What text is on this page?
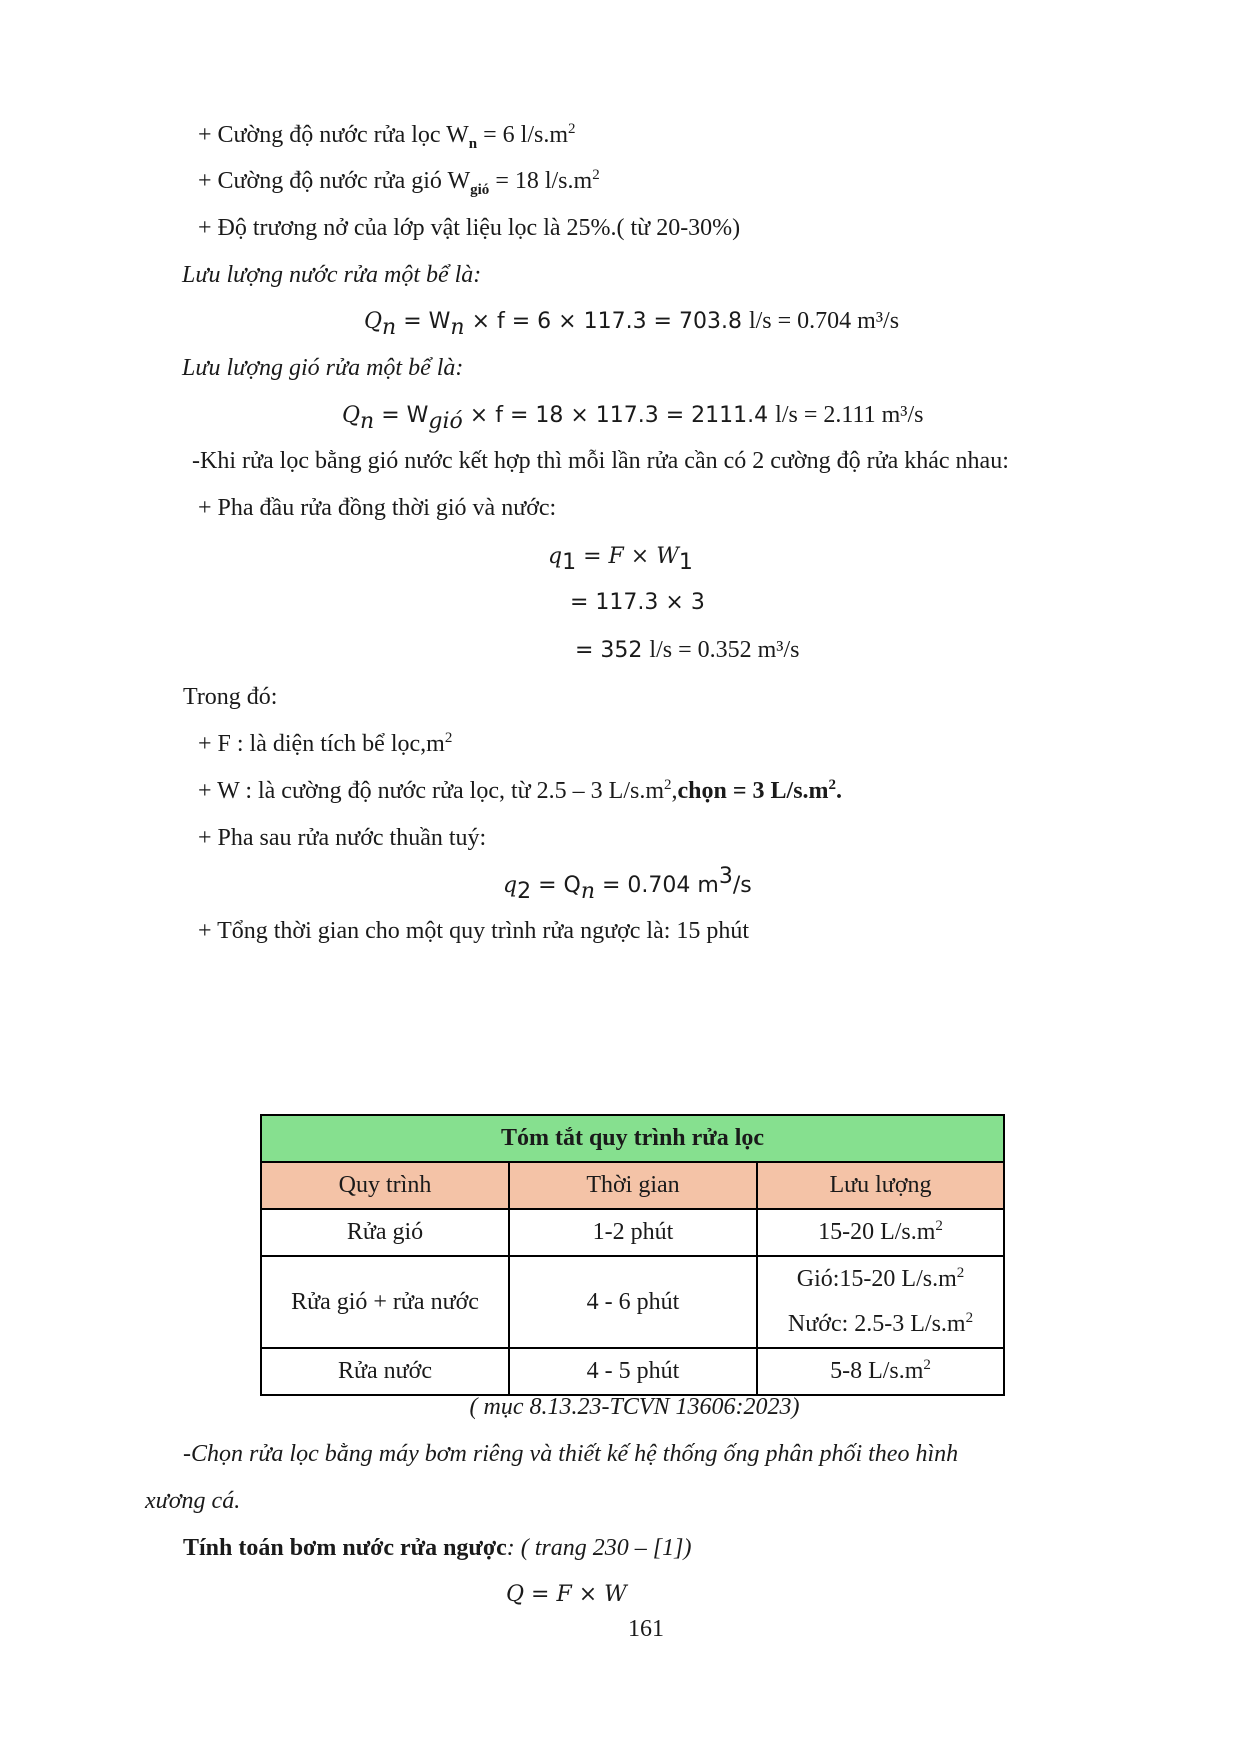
+ Cường độ nước rửa lọc $W_n = 6$ $l/s.m^2$
+ Cường độ nước rửa gió $W_{gió} = 18$ $l/s.m^2$
+ Độ trương nở của lớp vật liệu lọc là 25%.( từ 20-30%)
Lưu lượng nước rửa một bể là:
$Q_n = W_n \times f = 6 \times 117.3 = 703.8$ l/s = 0.704 m³/s
Lưu lượng gió rửa một bể là:
$Q_n = W_{gió} \times f = 18 \times 117.3 = 2111.4$ l/s = 2.111 m³/s
-Khi rửa lọc bằng gió nước kết hợp thì mỗi lần rửa cần có 2 cường độ rửa khác nhau:
+ Pha đầu rửa đồng thời gió và nước:
$q_1 = F \times W_1$
= 117.3 × 3
= 352 l/s = 0.352 m³/s
Trong đó:
+ F : là diện tích bể $lọc,m^2$
+ W : là cường độ nước rửa lọc, từ 2.5 – 3 $L/s.m^2,chọn = 3$ $L/s.m^2$.
+ Pha sau rửa nước thuần tuý:
$q_2 = Q_n = 0.704$ $m^3/s$
+ Tổng thời gian cho một quy trình rửa ngược là: 15 phút
Tóm tắt quy trình rửa lọc		
Quy trình	Thời gian	Lưu lượng
Rửa gió	1-2 phút	15-20 $L/s.m^2$
Rửa gió + rửa nước	4 - 6 phút	Gió:15-20 $L/s.m^2$
Nước: 2.5-3 $L/s.m^2$

Rửa nước	4 - 5 phút	5-8 $L/s.m^2$
( mục 8.13.23-TCVN 13606:2023)
-Chọn rửa lọc bằng máy bơm riêng và thiết kế hệ thống ống phân phối theo hình
xương cá.
Tính toán bơm nước rửa ngược: ( trang 230 – [1])
Q = F × W
161
